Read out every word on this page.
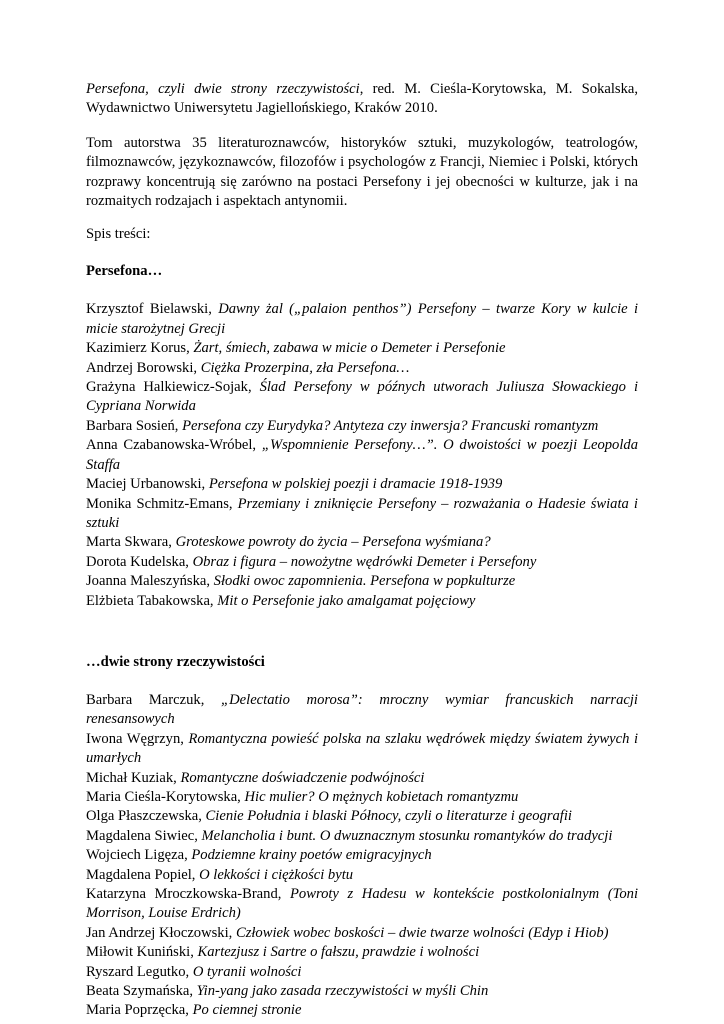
Persefona, czyli dwie strony rzeczywistości, red. M. Cieśla-Korytowska, M. Sokalska, Wydawnictwo Uniwersytetu Jagiellońskiego, Kraków 2010.

Tom autorstwa 35 literaturoznawców, historyków sztuki, muzykologów, teatrologów, filmoznawców, językoznawców, filozofów i psychologów z Francji, Niemiec i Polski, których rozprawy koncentrują się zarówno na postaci Persefony i jej obecności w kulturze, jak i na rozmaitych rodzajach i aspektach antynomii.

Spis treści:

Persefona…

Krzysztof Bielawski, Dawny żal („palaion penthos”) Persefony – twarze Kory w kulcie i micie starożytnej Grecji

Kazimierz Korus, Żart, śmiech, zabawa w micie o Demeter i Persefonie

Andrzej Borowski, Ciężka Prozerpina, zła Persefona…

Grażyna Halkiewicz-Sojak, Ślad Persefony w późnych utworach Juliusza Słowackiego i Cypriana Norwida

Barbara Sosień, Persefona czy Eurydyka? Antyteza czy inwersja? Francuski romantyzm

Anna Czabanowska-Wróbel, „Wspomnienie Persefony…”. O dwoistości w poezji Leopolda Staffa

Maciej Urbanowski, Persefona w polskiej poezji i dramacie 1918-1939

Monika Schmitz-Emans, Przemiany i zniknięcie Persefony – rozważania o Hadesie świata i sztuki

Marta Skwara, Groteskowe powroty do życia – Persefona wyśmiana?

Dorota Kudelska, Obraz i figura – nowożytne wędrówki Demeter i Persefony

Joanna Maleszyńska, Słodki owoc zapomnienia. Persefona w popkulturze

Elżbieta Tabakowska, Mit o Persefonie jako amalgamat pojęciowy

…dwie strony rzeczywistości

Barbara Marczuk, „Delectatio morosa”: mroczny wymiar francuskich narracji renesansowych

Iwona Węgrzyn, Romantyczna powieść polska na szlaku wędrówek między światem żywych i umarłych

Michał Kuziak, Romantyczne doświadczenie podwójności

Maria Cieśla-Korytowska, Hic mulier? O mężnych kobietach romantyzmu

Olga Płaszczewska, Cienie Południa i blaski Północy, czyli o literaturze i geografii

Magdalena Siwiec, Melancholia i bunt. O dwuznacznym stosunku romantyków do tradycji

Wojciech Ligęza, Podziemne krainy poetów emigracyjnych

Magdalena Popiel, O lekkości i ciężkości bytu

Katarzyna Mroczkowska-Brand, Powroty z Hadesu w kontekście postkolonialnym (Toni Morrison, Louise Erdrich)

Jan Andrzej Kłoczowski, Człowiek wobec boskości – dwie twarze wolności (Edyp i Hiob)

Miłowit Kuniński, Kartezjusz i Sartre o fałszu, prawdzie i wolności

Ryszard Legutko, O tyranii wolności

Beata Szymańska, Yin-yang jako zasada rzeczywistości w myśli Chin

Maria Poprzęcka, Po ciemnej stronie
